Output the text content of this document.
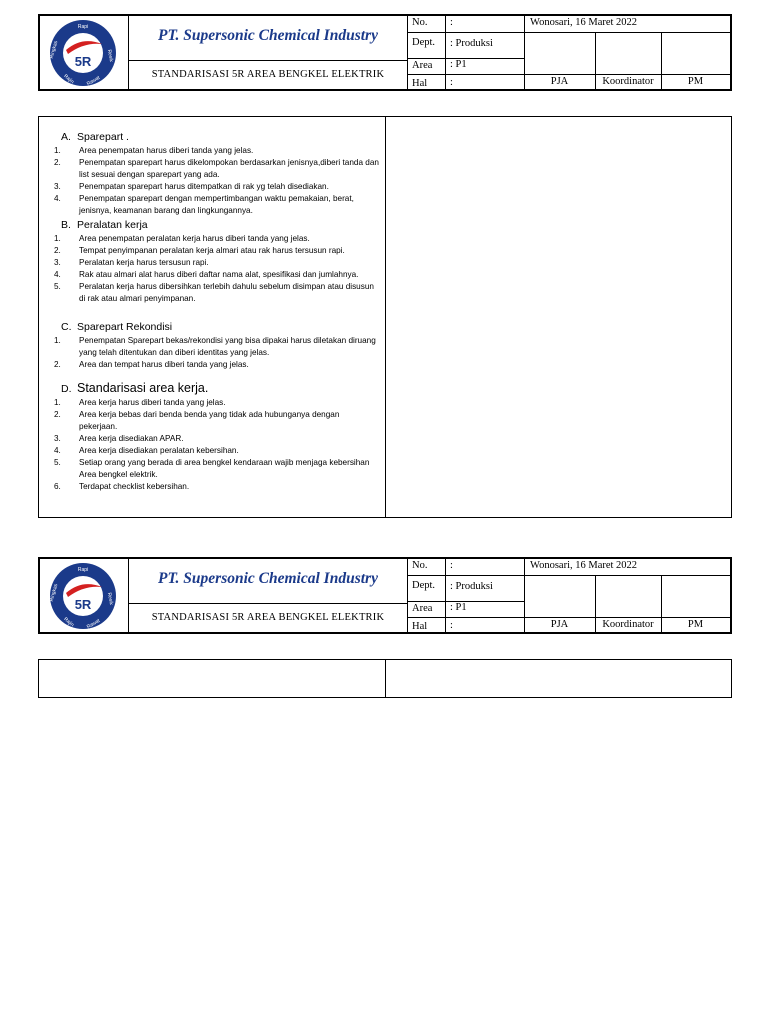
5R
Rapi
Resik
Rawat
Rajin
Ringkas
PT. Supersonic Chemical Industry
STANDARISASI 5R AREA BENGKEL ELEKTRIK
No. :
Dept. : Produksi
Area : P1
Hal :
Wonosari, 16 Maret 2022
PJA	Koordinator	PM
A. Sparepart .
1. Area penempatan harus diberi tanda yang jelas.
2. Penempatan sparepart harus dikelompokan berdasarkan jenisnya,diberi tanda dan list sesuai dengan sparepart yang ada.
3. Penempatan sparepart harus ditempatkan di rak yg telah disediakan.
4. Penempatan sparepart dengan mempertimbangan waktu pemakaian, berat, jenisnya, keamanan barang dan lingkungannya.
B. Peralatan kerja
1. Area penempatan peralatan kerja harus diberi tanda yang jelas.
2. Tempat penyimpanan peralatan kerja almari atau rak harus tersusun rapi.
3. Peralatan kerja harus tersusun rapi.
4. Rak atau almari alat harus diberi daftar nama alat, spesifikasi dan jumlahnya.
5. Peralatan kerja harus dibersihkan terlebih dahulu sebelum disimpan atau disusun di rak atau almari penyimpanan.
C. Sparepart Rekondisi
1. Penempatan Sparepart bekas/rekondisi yang bisa dipakai harus diletakan diruang yang telah ditentukan dan diberi identitas yang jelas.
2. Area dan tempat harus diberi tanda yang jelas.
D. Standarisasi area kerja.
1. Area kerja harus diberi tanda yang jelas.
2. Area kerja bebas dari benda benda yang tidak ada hubunganya dengan pekerjaan.
3. Area kerja disediakan APAR.
4. Area kerja disediakan peralatan kebersihan.
5. Setiap orang yang berada di area bengkel kendaraan wajib menjaga kebersihan Area bengkel elektrik.
6. Terdapat checklist kebersihan.
5R
Rapi
Resik
Rawat
Rajin
Ringkas
PT. Supersonic Chemical Industry
STANDARISASI 5R AREA BENGKEL ELEKTRIK
No. :
Dept. : Produksi
Area : P1
Hal :
Wonosari, 16 Maret 2022
PJA	Koordinator	PM
